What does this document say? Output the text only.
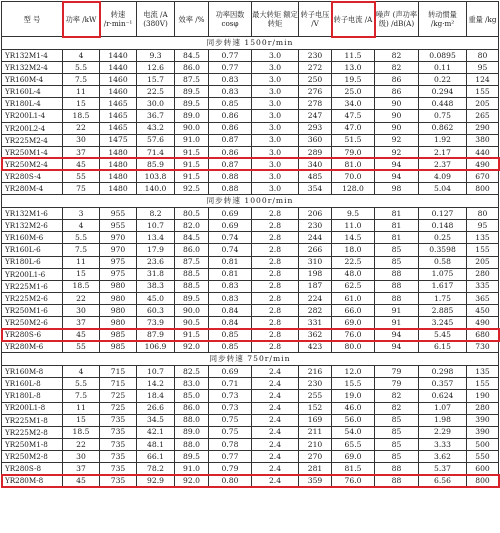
型 号	功率 /kW	转速 /r·min⁻¹	电流 /A (380V)	效率 /%	功率因数 cosφ	最大转矩 额定转矩	转子电压 /V	转子电流 /A	噪声 (声功率级) /dB(A)	转动惯量 /kg·m²	重量 /kg
同步转速 1500r/min											
YR132M1-4	4	1440	9.3	84.5	0.77	3.0	230	11.5	82	0.0895	80
YR132M2-4	5.5	1440	12.6	86.0	0.77	3.0	272	13.0	82	0.11	95
YR160M-4	7.5	1460	15.7	87.5	0.83	3.0	250	19.5	86	0.22	124
YR160L-4	11	1460	22.5	89.5	0.83	3.0	276	25.0	86	0.294	155
YR180L-4	15	1465	30.0	89.5	0.85	3.0	278	34.0	90	0.448	205
YR200L1-4	18.5	1465	36.7	89.0	0.86	3.0	247	47.5	90	0.75	265
YR200L2-4	22	1465	43.2	90.0	0.86	3.0	293	47.0	90	0.862	290
YR225M2-4	30	1475	57.6	91.0	0.87	3.0	360	51.5	92	1.92	380
YR250M1-4	37	1480	71.4	91.5	0.86	3.0	289	79.0	92	2.17	440
YR250M2-4	45	1480	85.9	91.5	0.87	3.0	340	81.0	94	2.37	490
YR280S-4	55	1480	103.8	91.5	0.88	3.0	485	70.0	94	4.09	670
YR280M-4	75	1480	140.0	92.5	0.88	3.0	354	128.0	98	5.04	800
同步转速 1000r/min											
YR132M1-6	3	955	8.2	80.5	0.69	2.8	206	9.5	81	0.127	80
YR132M2-6	4	955	10.7	82.0	0.69	2.8	230	11.0	81	0.148	95
YR160M-6	5.5	970	13.4	84.5	0.74	2.8	244	14.5	81	0.25	135
YR160L-6	7.5	970	17.9	86.0	0.74	2.8	266	18.0	85	0.3598	155
YR180L-6	11	975	23.6	87.5	0.81	2.8	310	22.5	85	0.58	205
YR200L1-6	15	975	31.8	88.5	0.81	2.8	198	48.0	88	1.075	280
YR225M1-6	18.5	980	38.3	88.5	0.83	2.8	187	62.5	88	1.617	335
YR225M2-6	22	980	45.0	89.5	0.83	2.8	224	61.0	88	1.75	365
YR250M1-6	30	980	60.3	90.0	0.84	2.8	282	66.0	91	2.885	450
YR250M2-6	37	980	73.9	90.5	0.84	2.8	331	69.0	91	3.245	490
YR280S-6	45	985	87.9	91.5	0.85	2.8	362	76.0	94	5.45	680
YR280M-6	55	985	106.9	92.0	0.85	2.8	423	80.0	94	6.15	730
同步转速 750r/min											
YR160M-8	4	715	10.7	82.5	0.69	2.4	216	12.0	79	0.298	135
YR160L-8	5.5	715	14.2	83.0	0.71	2.4	230	15.5	79	0.357	155
YR180L-8	7.5	725	18.4	85.0	0.73	2.4	255	19.0	82	0.624	190
YR200L1-8	11	725	26.6	86.0	0.73	2.4	152	46.0	82	1.07	280
YR225M1-8	15	735	34.5	88.0	0.75	2.4	169	56.0	85	1.98	390
YR225M2-8	18.5	735	42.1	89.0	0.75	2.4	211	54.0	85	2.29	390
YR250M1-8	22	735	48.1	88.0	0.78	2.4	210	65.5	85	3.33	500
YR250M2-8	30	735	66.1	89.5	0.77	2.4	270	69.0	85	3.62	550
YR280S-8	37	735	78.2	91.0	0.79	2.4	281	81.5	88	5.37	600
YR280M-8	45	735	92.9	92.0	0.80	2.4	359	76.0	88	6.56	800
